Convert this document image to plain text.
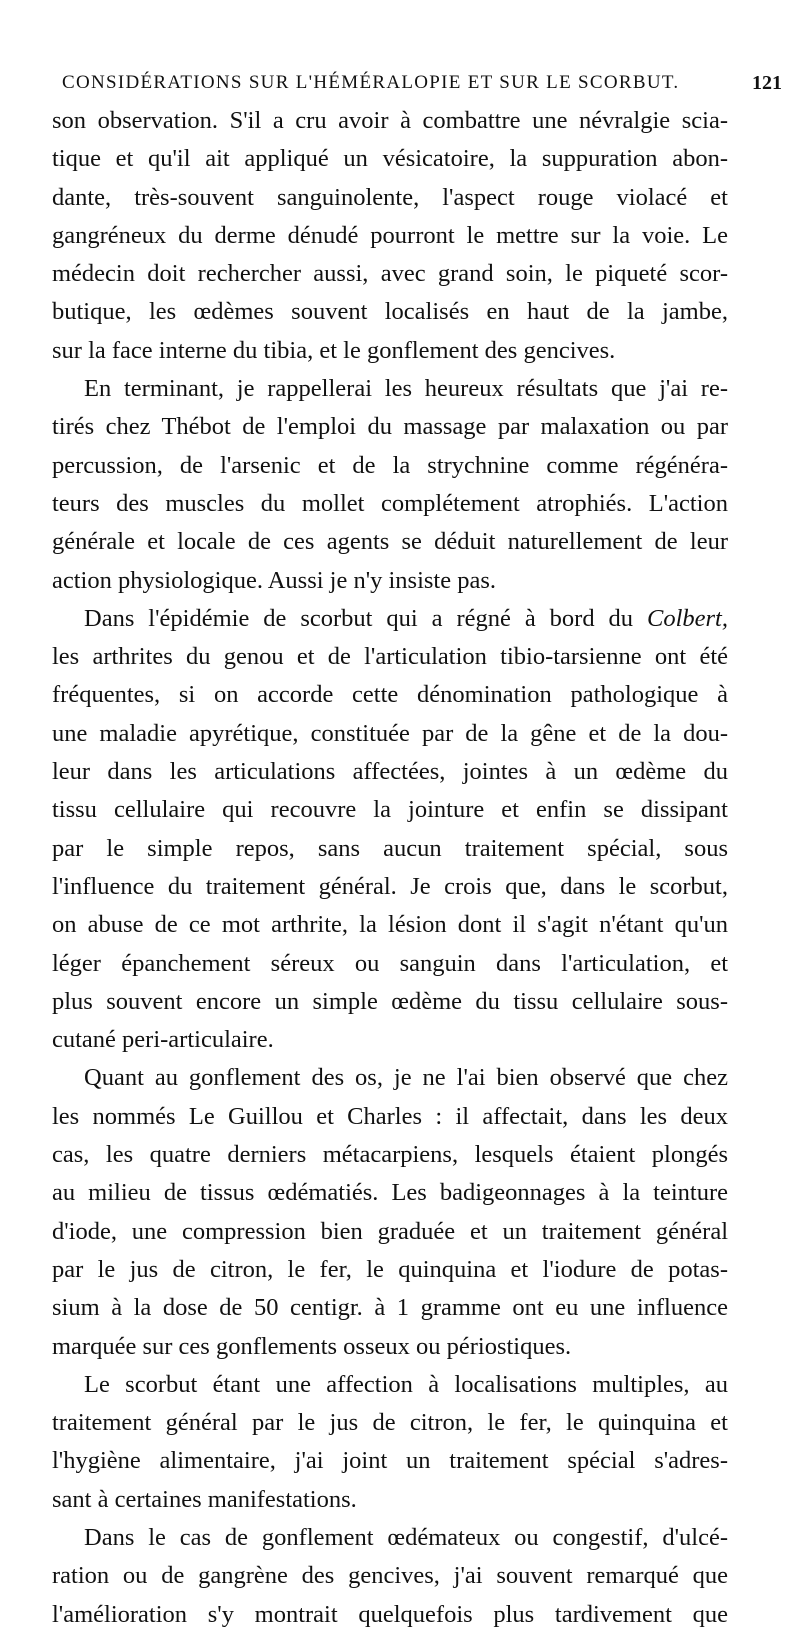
CONSIDÉRATIONS SUR L'HÉMÉRALOPIE ET SUR LE SCORBUT.	121
son observation. S'il a cru avoir à combattre une névralgie scia-
tique et qu'il ait appliqué un vésicatoire, la suppuration abon-
dante, très-souvent sanguinolente, l'aspect rouge violacé et
gangréneux du derme dénudé pourront le mettre sur la voie. Le
médecin doit rechercher aussi, avec grand soin, le piqueté scor-
butique, les œdèmes souvent localisés en haut de la jambe,
sur la face interne du tibia, et le gonflement des gencives.
En terminant, je rappellerai les heureux résultats que j'ai re-
tirés chez Thébot de l'emploi du massage par malaxation ou par
percussion, de l'arsenic et de la strychnine comme régénéra-
teurs des muscles du mollet complétement atrophiés. L'action
générale et locale de ces agents se déduit naturellement de leur
action physiologique. Aussi je n'y insiste pas.
Dans l'épidémie de scorbut qui a régné à bord du Colbert,
les arthrites du genou et de l'articulation tibio-tarsienne ont été
fréquentes, si on accorde cette dénomination pathologique à
une maladie apyrétique, constituée par de la gêne et de la dou-
leur dans les articulations affectées, jointes à un œdème du
tissu cellulaire qui recouvre la jointure et enfin se dissipant
par le simple repos, sans aucun traitement spécial, sous
l'influence du traitement général. Je crois que, dans le scorbut,
on abuse de ce mot arthrite, la lésion dont il s'agit n'étant qu'un
léger épanchement séreux ou sanguin dans l'articulation, et
plus souvent encore un simple œdème du tissu cellulaire sous-
cutané peri-articulaire.
Quant au gonflement des os, je ne l'ai bien observé que chez
les nommés Le Guillou et Charles : il affectait, dans les deux
cas, les quatre derniers métacarpiens, lesquels étaient plongés
au milieu de tissus œdématiés. Les badigeonnages à la teinture
d'iode, une compression bien graduée et un traitement général
par le jus de citron, le fer, le quinquina et l'iodure de potas-
sium à la dose de 50 centigr. à 1 gramme ont eu une influence
marquée sur ces gonflements osseux ou périostiques.
Le scorbut étant une affection à localisations multiples, au
traitement général par le jus de citron, le fer, le quinquina et
l'hygiène alimentaire, j'ai joint un traitement spécial s'adres-
sant à certaines manifestations.
Dans le cas de gonflement œdémateux ou congestif, d'ulcé-
ration ou de gangrène des gencives, j'ai souvent remarqué que
l'amélioration s'y montrait quelquefois plus tardivement que
